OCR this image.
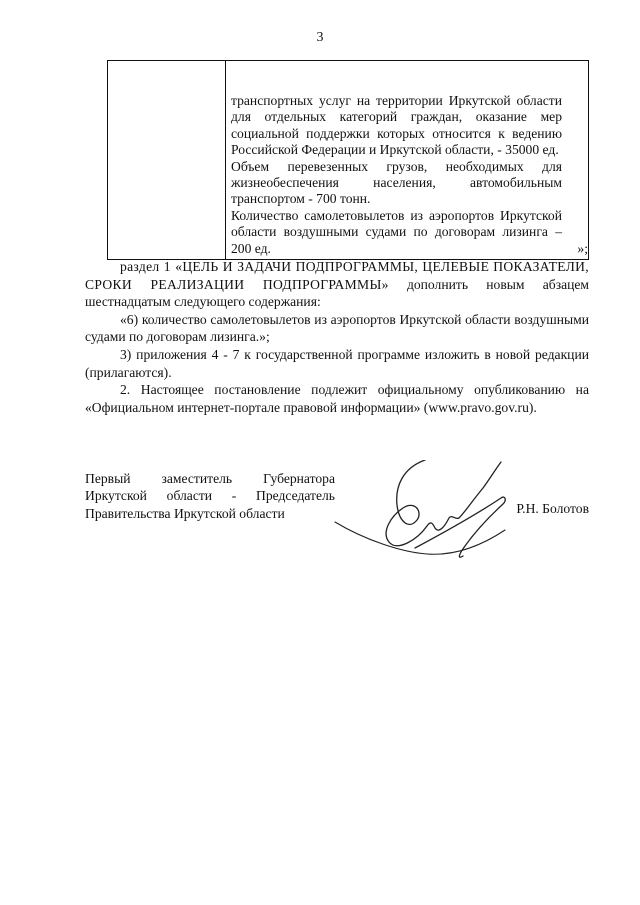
3

транспортных услуг на территории Иркутской области для отдельных категорий граждан, оказание мер социальной поддержки которых относится к ведению Российской Федерации и Иркутской области, - 35000 ед.

Объем перевезенных грузов, необходимых для жизнеобеспечения населения, автомобильным транспортом - 700 тонн.

Количество самолетовылетов из аэропортов Иркутской области воздушными судами по договорам лизинга – 200 ед.	»;

раздел 1 «ЦЕЛЬ И ЗАДАЧИ ПОДПРОГРАММЫ, ЦЕЛЕВЫЕ ПОКАЗАТЕЛИ, СРОКИ РЕАЛИЗАЦИИ ПОДПРОГРАММЫ» дополнить новым абзацем шестнадцатым следующего содержания:

«6) количество самолетовылетов из аэропортов Иркутской области воздушными судами по договорам лизинга.»;

3) приложения 4 - 7 к государственной программе изложить в новой редакции (прилагаются).

2. Настоящее постановление подлежит официальному опубликованию на «Официальном интернет-портале правовой информации» (www.pravo.gov.ru).

Первый заместитель Губернатора

Иркутской области - Председатель

Правительства Иркутской области	Р.Н. Болотов
